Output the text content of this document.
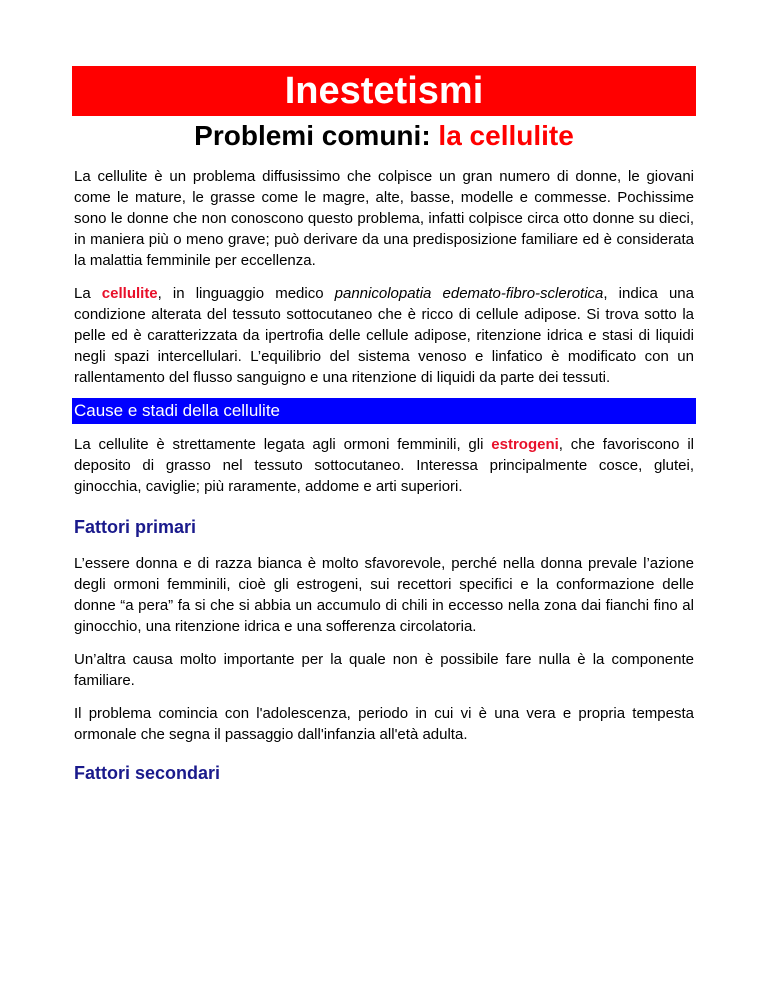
Inestetismi
Problemi comuni: la cellulite

La cellulite è un problema diffusissimo che colpisce un gran numero di donne, le giovani come le mature, le grasse come le magre, alte, basse, modelle e commesse. Pochissime sono le donne che non conoscono questo problema, infatti colpisce circa otto donne su dieci, in maniera più o meno grave; può derivare da una predisposizione familiare ed è considerata la malattia femminile per eccellenza.

La cellulite, in linguaggio medico pannicolopatia edemato-fibro-sclerotica, indica una condizione alterata del tessuto sottocutaneo che è ricco di cellule adipose. Si trova sotto la pelle ed è caratterizzata da ipertrofia delle cellule adipose, ritenzione idrica e stasi di liquidi negli spazi intercellulari. L’equilibrio del sistema venoso e linfatico è modificato con un rallentamento del flusso sanguigno e una ritenzione di liquidi da parte dei tessuti.

Cause e stadi della cellulite

La cellulite è strettamente legata agli ormoni femminili, gli estrogeni, che favoriscono il deposito di grasso nel tessuto sottocutaneo. Interessa principalmente cosce, glutei, ginocchia, caviglie; più raramente, addome e arti superiori.

Fattori primari

L’essere donna e di razza bianca è molto sfavorevole, perché nella donna prevale l’azione degli ormoni femminili, cioè gli estrogeni, sui recettori specifici e la conformazione delle donne “a pera” fa si che si abbia un accumulo di chili in eccesso nella zona dai fianchi fino al ginocchio, una ritenzione idrica e una sofferenza circolatoria.

Un’altra causa molto importante per la quale non è possibile fare nulla è la componente familiare.

Il problema comincia con l'adolescenza, periodo in cui vi è una vera e propria tempesta ormonale che segna il passaggio dall'infanzia all'età adulta.

Fattori secondari
